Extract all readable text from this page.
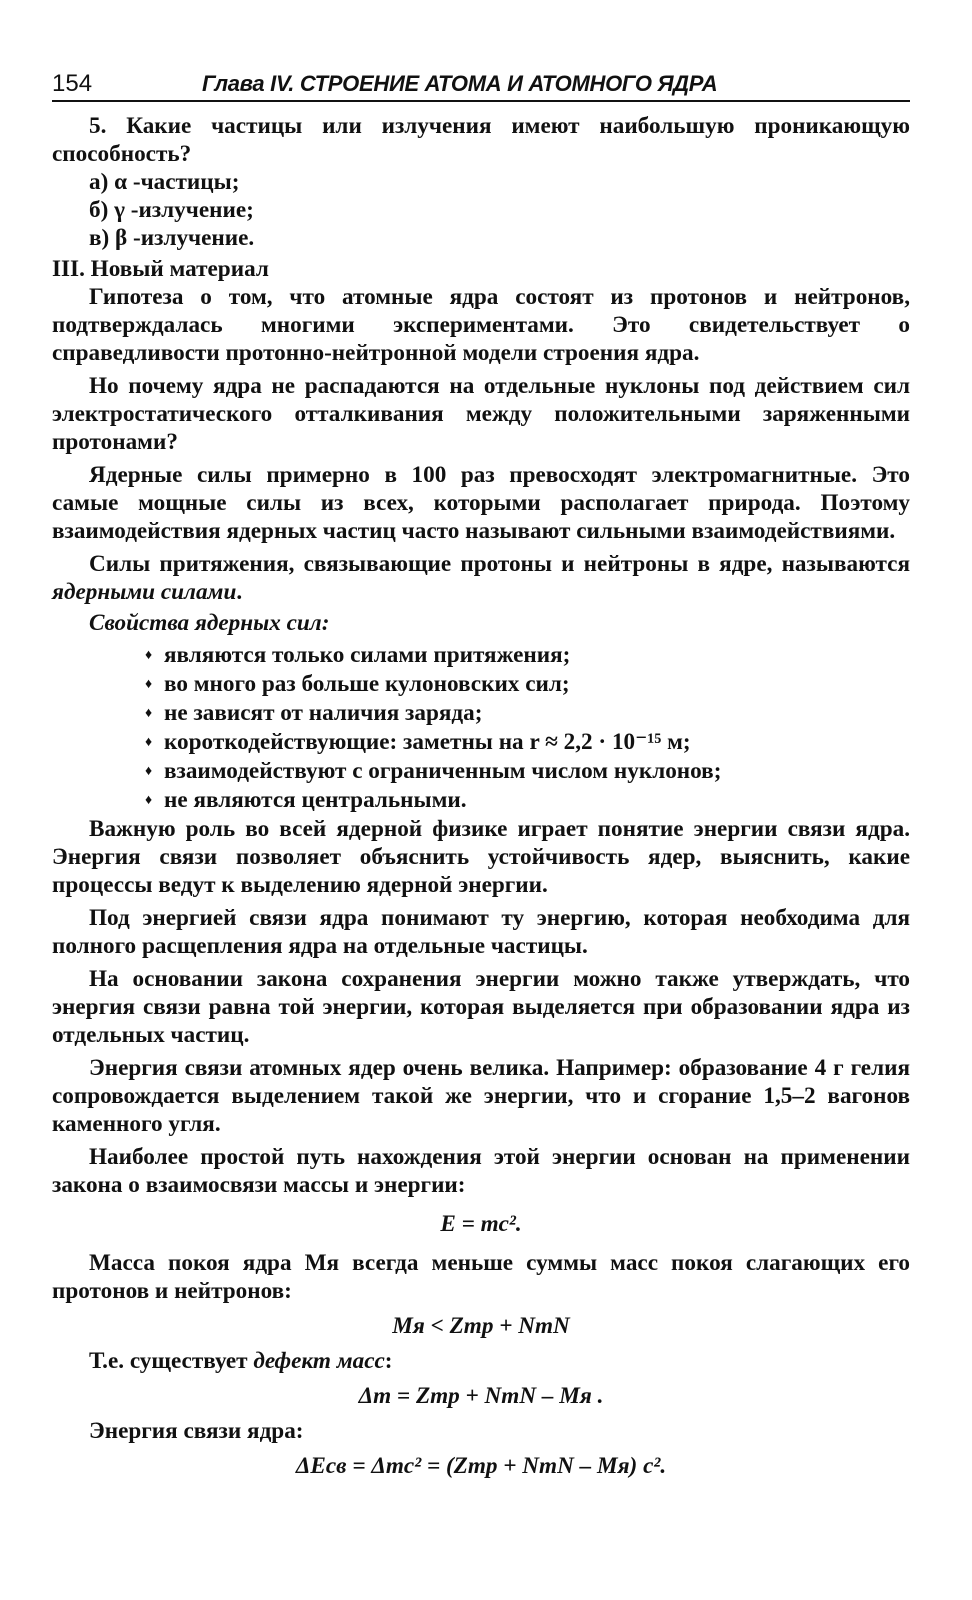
154	Глава IV. СТРОЕНИЕ АТОМА И АТОМНОГО ЯДРА

5. Какие частицы или излучения имеют наибольшую проникающую способность?

а) α -частицы;
б) γ -излучение;
в) β -излучение.
III. Новый материал

Гипотеза о том, что атомные ядра состоят из протонов и нейтронов, подтверждалась многими экспериментами. Это свидетельствует о справедливости протонно-нейтронной модели строения ядра.

Но почему ядра не распадаются на отдельные нуклоны под действием сил электростатического отталкивания между положительными заряженными протонами?

Ядерные силы примерно в 100 раз превосходят электромагнитные. Это самые мощные силы из всех, которыми располагает природа. Поэтому взаимодействия ядерных частиц часто называют сильными взаимодействиями.

Силы притяжения, связывающие протоны и нейтроны в ядре, называются ядерными силами.

Свойства ядерных сил:
♦ являются только силами притяжения;
♦ во много раз больше кулоновских сил;
♦ не зависят от наличия заряда;
♦ короткодействующие: заметны на r ≈ 2,2 · 10⁻¹⁵ м;
♦ взаимодействуют с ограниченным числом нуклонов;
♦ не являются центральными.

Важную роль во всей ядерной физике играет понятие энергии связи ядра. Энергия связи позволяет объяснить устойчивость ядер, выяснить, какие процессы ведут к выделению ядерной энергии.

Под энергией связи ядра понимают ту энергию, которая необходима для полного расщепления ядра на отдельные частицы.

На основании закона сохранения энергии можно также утверждать, что энергия связи равна той энергии, которая выделяется при образовании ядра из отдельных частиц.

Энергия связи атомных ядер очень велика. Например: образование 4 г гелия сопровождается выделением такой же энергии, что и сгорание 1,5–2 вагонов каменного угля.

Наиболее простой путь нахождения этой энергии основан на применении закона о взаимосвязи массы и энергии:

E = mc².

Масса покоя ядра Mя всегда меньше суммы масс покоя слагающих его протонов и нейтронов:

Mя < Zmp + NmN

Т.е. существует дефект масс:

Δm = Zmp + NmN – Mя .

Энергия связи ядра:

ΔEсв = Δmc² = (Zmp + NmN – Mя) c².
